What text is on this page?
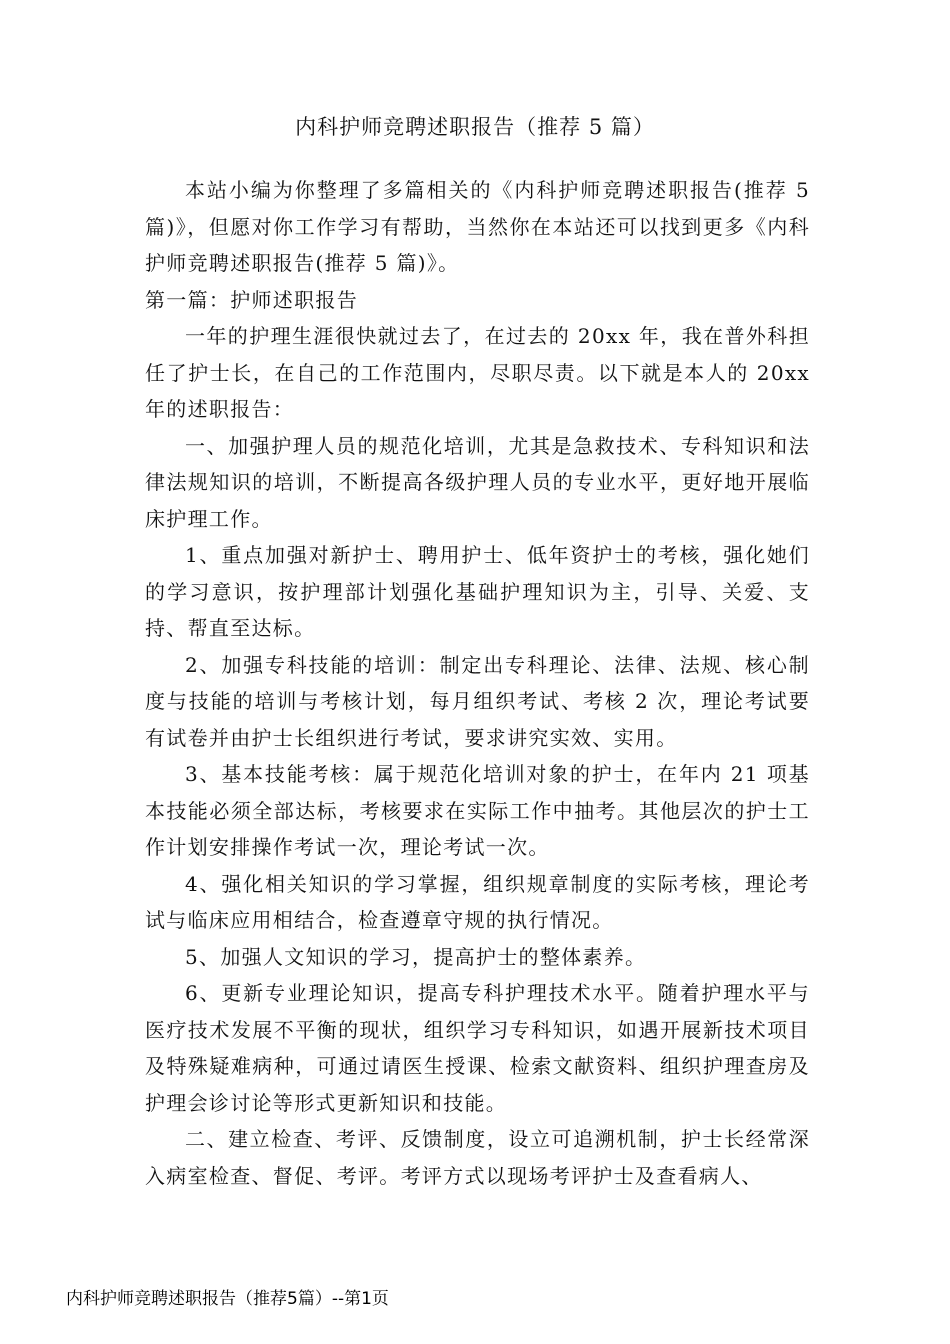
内科护师竞聘述职报告（推荐 5 篇）

本站小编为你整理了多篇相关的《内科护师竞聘述职报告(推荐 5 篇)》，但愿对你工作学习有帮助，当然你在本站还可以找到更多《内科护师竞聘述职报告(推荐 5 篇)》。

第一篇：护师述职报告

一年的护理生涯很快就过去了，在过去的 20xx 年，我在普外科担任了护士长，在自己的工作范围内，尽职尽责。以下就是本人的 20xx 年的述职报告：

一、加强护理人员的规范化培训，尤其是急救技术、专科知识和法律法规知识的培训，不断提高各级护理人员的专业水平，更好地开展临床护理工作。

1、重点加强对新护士、聘用护士、低年资护士的考核，强化她们的学习意识，按护理部计划强化基础护理知识为主，引导、关爱、支持、帮直至达标。

2、加强专科技能的培训：制定出专科理论、法律、法规、核心制度与技能的培训与考核计划，每月组织考试、考核 2 次，理论考试要有试卷并由护士长组织进行考试，要求讲究实效、实用。

3、基本技能考核：属于规范化培训对象的护士，在年内 21 项基本技能必须全部达标，考核要求在实际工作中抽考。其他层次的护士工作计划安排操作考试一次，理论考试一次。

4、强化相关知识的学习掌握，组织规章制度的实际考核，理论考试与临床应用相结合，检查遵章守规的执行情况。

5、加强人文知识的学习，提高护士的整体素养。

6、更新专业理论知识，提高专科护理技术水平。随着护理水平与医疗技术发展不平衡的现状，组织学习专科知识，如遇开展新技术项目及特殊疑难病种，可通过请医生授课、检索文献资料、组织护理查房及护理会诊讨论等形式更新知识和技能。

二、建立检查、考评、反馈制度，设立可追溯机制，护士长经常深入病室检查、督促、考评。考评方式以现场考评护士及查看病人、

内科护师竞聘述职报告（推荐5篇）--第1页
